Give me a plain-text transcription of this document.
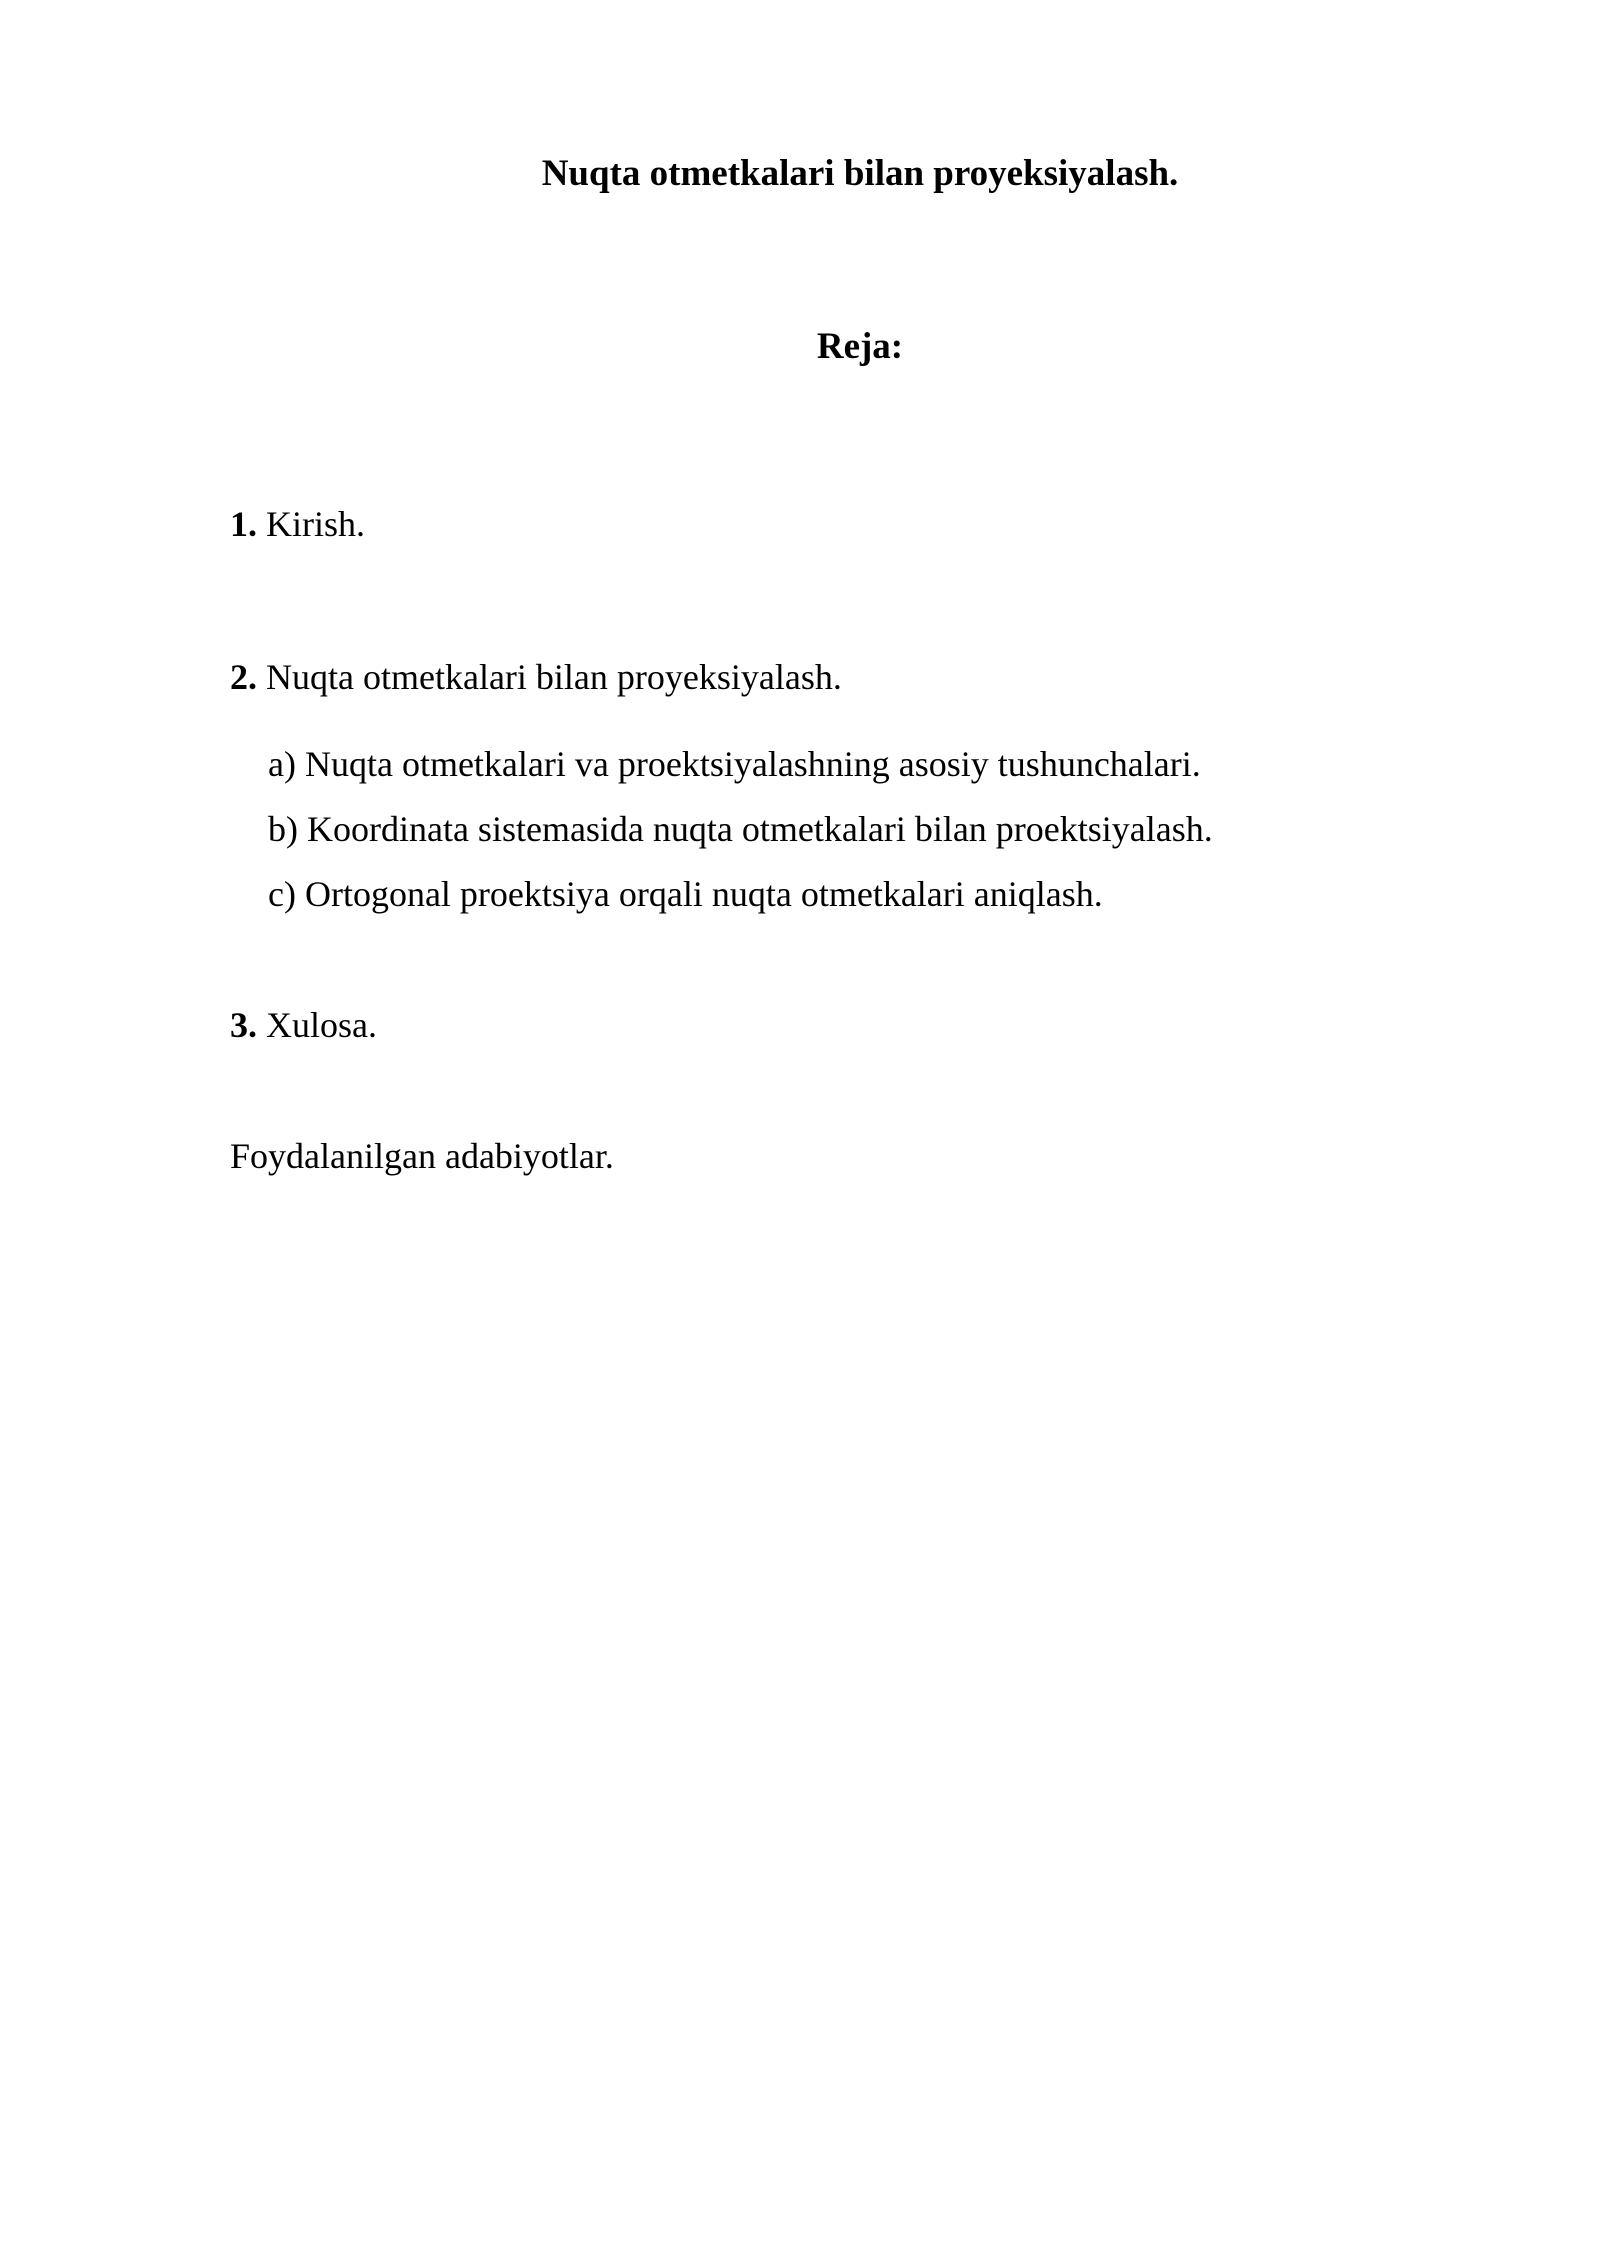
Nuqta otmetkalari bilan proyeksiyalash.
Reja:

1. Kirish.

2. Nuqta otmetkalari bilan proyeksiyalash.

a) Nuqta otmetkalari va proektsiyalashning asosiy tushunchalari.

b) Koordinata sistemasida nuqta otmetkalari bilan proektsiyalash.

c) Ortogonal proektsiya orqali nuqta otmetkalari aniqlash.

3. Xulosa.

Foydalanilgan adabiyotlar.
